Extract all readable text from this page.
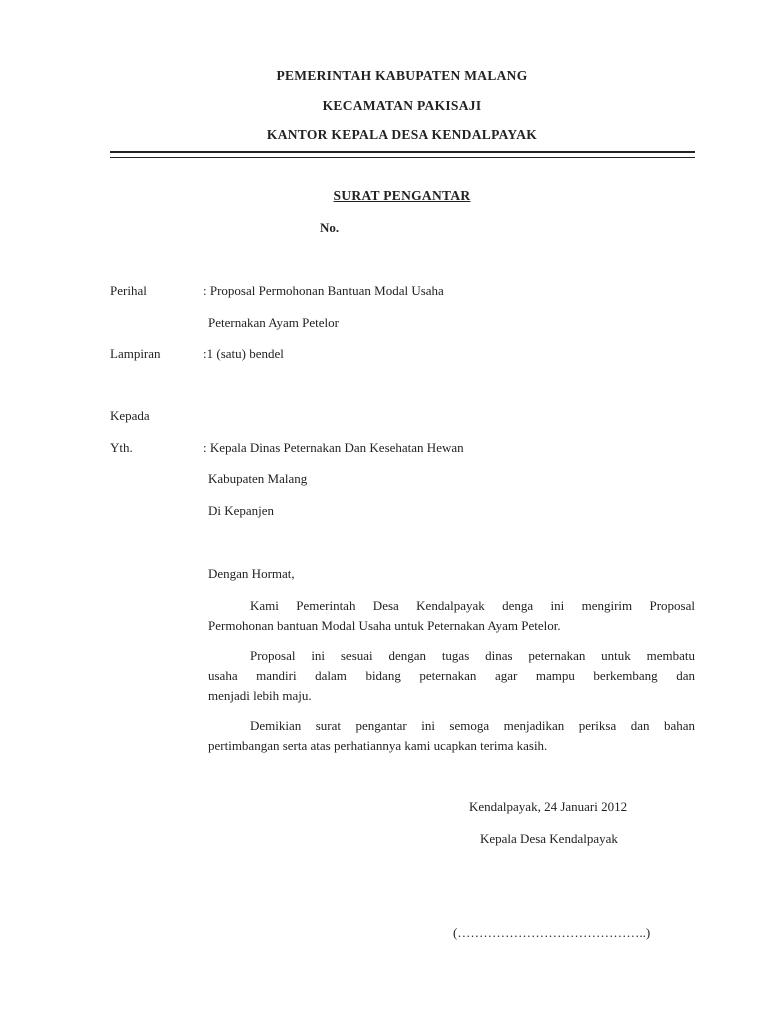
PEMERINTAH KABUPATEN MALANG
KECAMATAN PAKISAJI
KANTOR KEPALA DESA KENDALPAYAK
SURAT PENGANTAR
No.
Perihal	: Proposal Permohonan Bantuan Modal Usaha
Peternakan Ayam Petelor
Lampiran	:1 (satu) bendel
Kepada
Yth.	: Kepala Dinas Peternakan Dan Kesehatan Hewan
Kabupaten Malang
Di Kepanjen
Dengan Hormat,
Kami Pemerintah Desa Kendalpayak denga ini mengirim Proposal
Permohonan bantuan Modal Usaha untuk Peternakan Ayam Petelor.
Proposal ini sesuai dengan tugas dinas peternakan untuk membatu
usaha mandiri dalam bidang peternakan agar mampu berkembang dan
menjadi lebih maju.
Demikian surat pengantar ini semoga menjadikan periksa dan bahan
pertimbangan serta atas perhatiannya kami ucapkan terima kasih.
Kendalpayak, 24 Januari 2012
Kepala Desa Kendalpayak
(……………………………………..)
